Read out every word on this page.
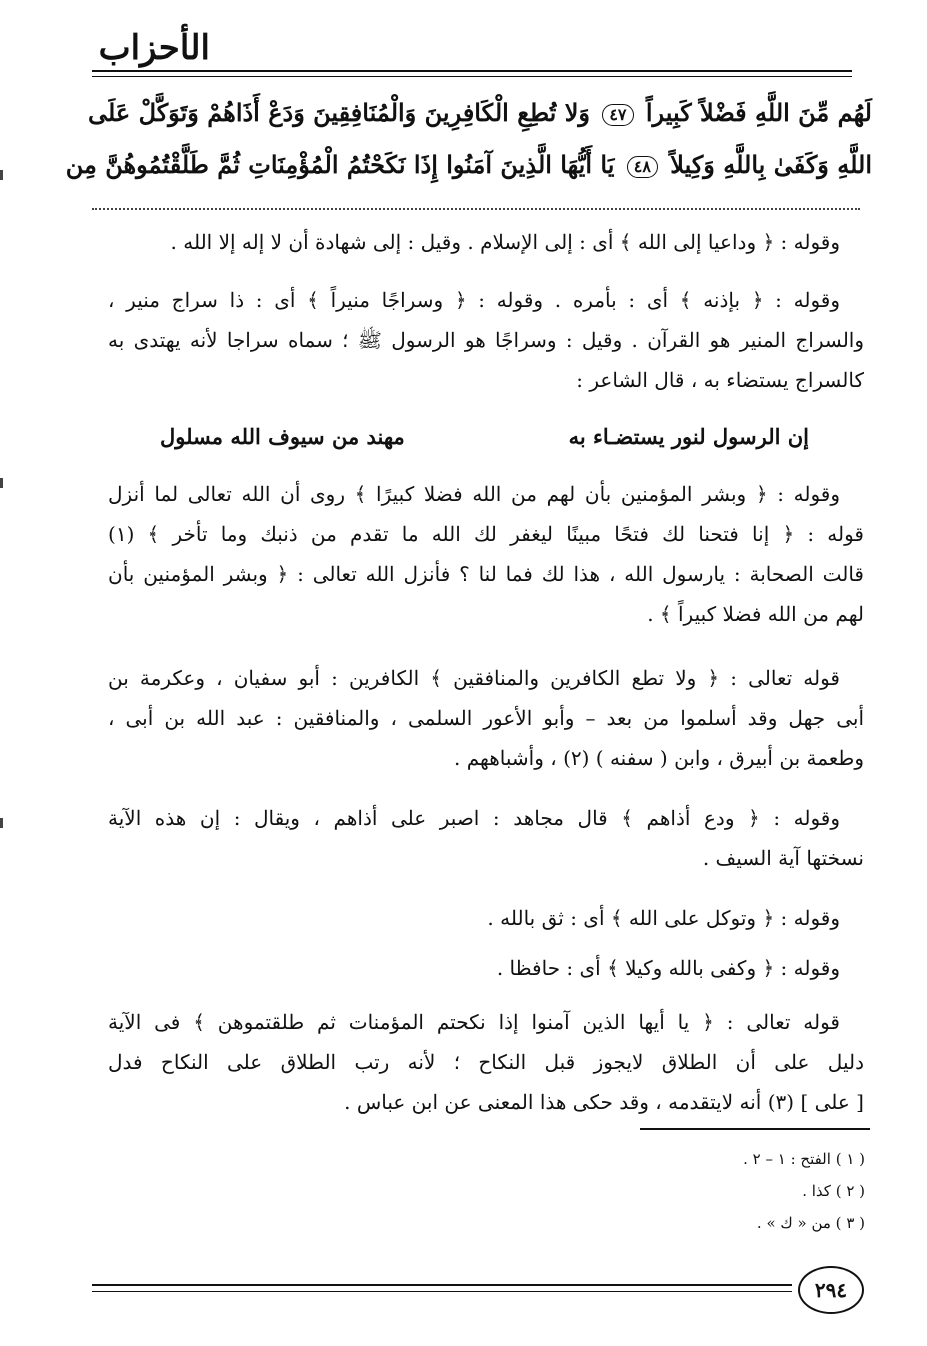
الأحزاب
لَهُم مِّنَ اللَّهِ فَضْلاً كَبِيراً ٤٧ وَلا تُطِعِ الْكَافِرِينَ وَالْمُنَافِقِينَ وَدَعْ أَذَاهُمْ وَتَوَكَّلْ عَلَى
اللَّهِ وَكَفَىٰ بِاللَّهِ وَكِيلاً ٤٨ يَا أَيُّهَا الَّذِينَ آمَنُوا إِذَا نَكَحْتُمُ الْمُؤْمِنَاتِ ثُمَّ طَلَّقْتُمُوهُنَّ مِن
وقوله : ﴿ وداعيا إلى الله ﴾ أى : إلى الإسلام . وقيل : إلى شهادة أن لا إله إلا الله .
وقوله : ﴿ بإذنه ﴾ أى : بأمره . وقوله : ﴿ وسراجًا منيراً ﴾ أى : ذا سراج منير ،
والسراج المنير هو القرآن . وقيل : وسراجًا هو الرسول ﷺ ؛ سماه سراجا لأنه يهتدى به
كالسراج يستضاء به ، قال الشاعر :
إن الرسول لنور يستضـاء به
مهند من سيوف الله مسلول
وقوله : ﴿ وبشر المؤمنين بأن لهم من الله فضلا كبيرًا ﴾ روى أن الله تعالى لما أنزل
قوله : ﴿ إنا فتحنا لك فتحًا مبينًا ليغفر لك الله ما تقدم من ذنبك وما تأخر ﴾ (١)
قالت الصحابة : يارسول الله ، هذا لك فما لنا ؟ فأنزل الله تعالى : ﴿ وبشر المؤمنين بأن
لهم من الله فضلا كبيراً ﴾ .
قوله تعالى : ﴿ ولا تطع الكافرين والمنافقين ﴾ الكافرين : أبو سفيان ، وعكرمة بن
أبى جهل وقد أسلموا من بعد – وأبو الأعور السلمى ، والمنافقين : عبد الله بن أبى ،
وطعمة بن أبيرق ، وابن ( سفنه ) (٢) ، وأشباههم .
وقوله : ﴿ ودع أذاهم ﴾ قال مجاهد : اصبر على أذاهم ، ويقال : إن هذه الآية
نسختها آية السيف .
وقوله : ﴿ وتوكل على الله ﴾ أى : ثق بالله .
وقوله : ﴿ وكفى بالله وكيلا ﴾ أى : حافظا .
قوله تعالى : ﴿ يا أيها الذين آمنوا إذا نكحتم المؤمنات ثم طلقتموهن ﴾ فى الآية
دليل على أن الطلاق لايجوز قبل النكاح ؛ لأنه رتب الطلاق على النكاح فدل
[ على ] (٣) أنه لايتقدمه ، وقد حكى هذا المعنى عن ابن عباس .
( ١ ) الفتح : ١ – ٢ .
( ٢ ) كذا .
( ٣ ) من « ك » .
٢٩٤
